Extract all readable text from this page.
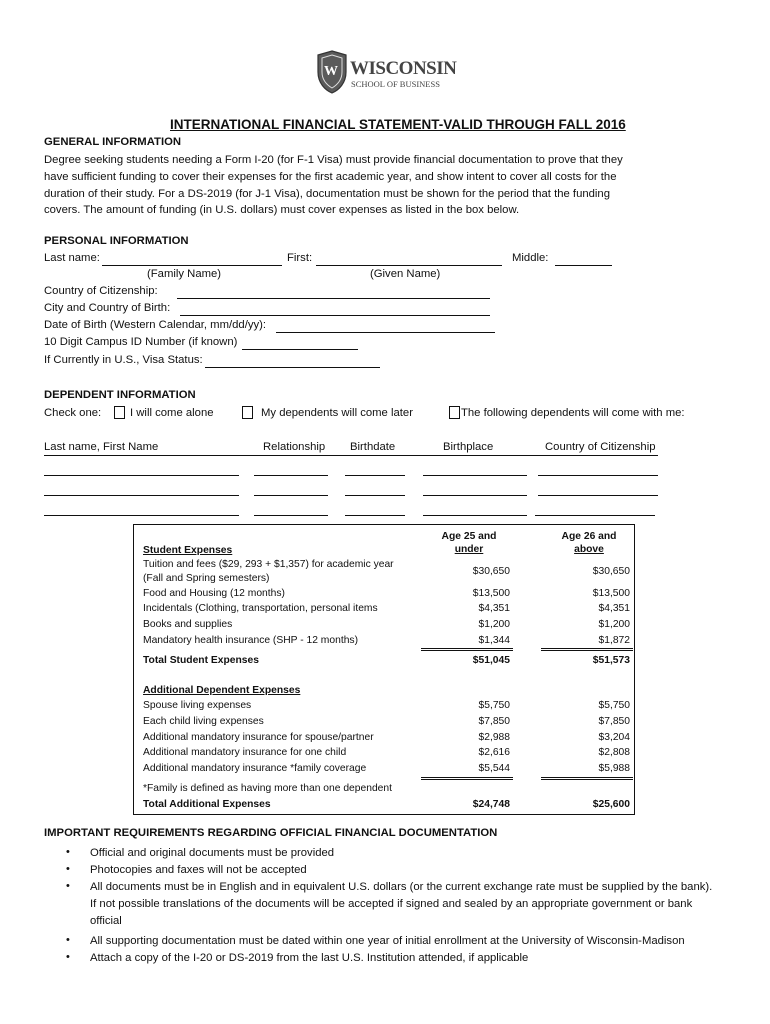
W WISCONSIN
SCHOOL OF BUSINESS
INTERNATIONAL FINANCIAL STATEMENT-VALID THROUGH FALL 2016
GENERAL INFORMATION
Degree seeking students needing a Form I-20 (for F-1 Visa) must provide financial documentation to prove that they
have sufficient funding to cover their expenses for the first academic year, and show intent to cover all costs for the
duration of their study. For a DS-2019 (for J-1 Visa), documentation must be shown for the period that the funding
covers. The amount of funding (in U.S. dollars) must cover expenses as listed in the box below.
PERSONAL INFORMATION
Last name:	First:	Middle:
(Family Name)	(Given Name)
Country of Citizenship:
City and Country of Birth:
Date of Birth (Western Calendar, mm/dd/yy):
10 Digit Campus ID Number (if known)
If Currently in U.S., Visa Status:
DEPENDENT INFORMATION
Check one:	I will come alone	My dependents will come later	The following dependents will come with me:
Last name, First Name	Relationship Birthdate	Birthplace	Country of Citizenship
Age 25 and
under
Age 26 and
above
Student Expenses
Tuition and fees ($29, 293 + $1,357) for academic year
(Fall and Spring semesters)
$30,650	$30,650
Food and Housing (12 months)	$13,500	$13,500
Incidentals (Clothing, transportation, personal items	$4,351	$4,351
Books and supplies	$1,200	$1,200
Mandatory health insurance (SHP - 12 months)	$1,344	$1,872
Total Student Expenses	$51,045	$51,573
Additional Dependent Expenses
Spouse living expenses	$5,750	$5,750
Each child living expenses	$7,850	$7,850
Additional mandatory insurance for spouse/partner	$2,988	$3,204
Additional mandatory insurance for one child	$2,616	$2,808
Additional mandatory insurance *family coverage	$5,544	$5,988
*Family is defined as having more than one dependent
Total Additional Expenses	$24,748	$25,600
IMPORTANT REQUIREMENTS REGARDING OFFICIAL FINANCIAL DOCUMENTATION
• Official and original documents must be provided
• Photocopies and faxes will not be accepted
• All documents must be in English and in equivalent U.S. dollars (or the current exchange rate must be supplied by the bank).
If not possible translations of the documents will be accepted if signed and sealed by an appropriate government or bank
official
• All supporting documentation must be dated within one year of initial enrollment at the University of Wisconsin-Madison
• Attach a copy of the I-20 or DS-2019 from the last U.S. Institution attended, if applicable
